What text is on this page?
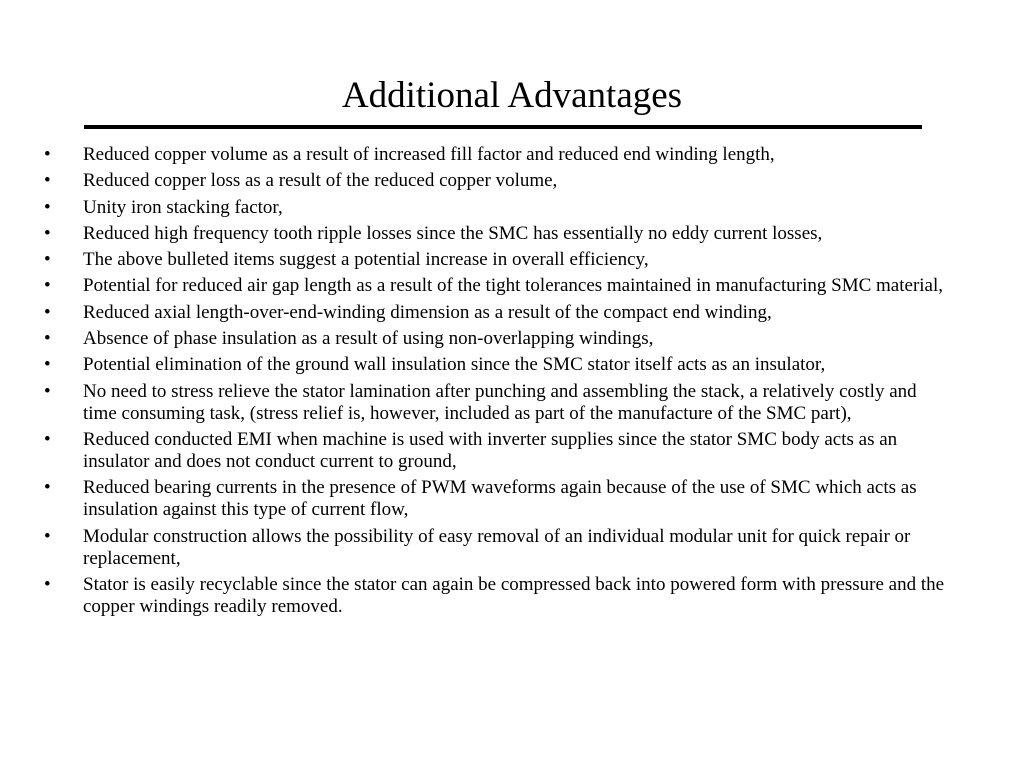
Additional Advantages
•	Reduced copper volume as a result of increased fill factor and reduced end winding length,
•	Reduced copper loss as a result of the reduced copper volume,
•	Unity iron stacking factor,
•	Reduced high frequency tooth ripple losses since the SMC has essentially no eddy current losses,
•	The above bulleted items suggest a potential increase in overall efficiency,
•	Potential for reduced air gap length as a result of the tight tolerances maintained in manufacturing SMC material,
•	Reduced axial length-over-end-winding dimension as a result of the compact end winding,
•	Absence of phase insulation as a result of using non-overlapping windings,
•	Potential elimination of the ground wall insulation since the SMC stator itself acts as an insulator,
•	No need to stress relieve the stator lamination after punching and assembling the stack, a relatively costly and time consuming task, (stress relief is, however, included as part of the manufacture of the SMC part),
•	Reduced conducted EMI when machine is used with inverter supplies since the stator SMC body acts as an insulator and does not conduct current to ground,
•	Reduced bearing currents in the presence of PWM waveforms again because of the use of SMC which acts as insulation against this type of current flow,
•	Modular construction allows the possibility of easy removal of an individual modular unit for quick repair or replacement,
•	Stator is easily recyclable since the stator can again be compressed back into powered form with pressure and the copper windings readily removed.
